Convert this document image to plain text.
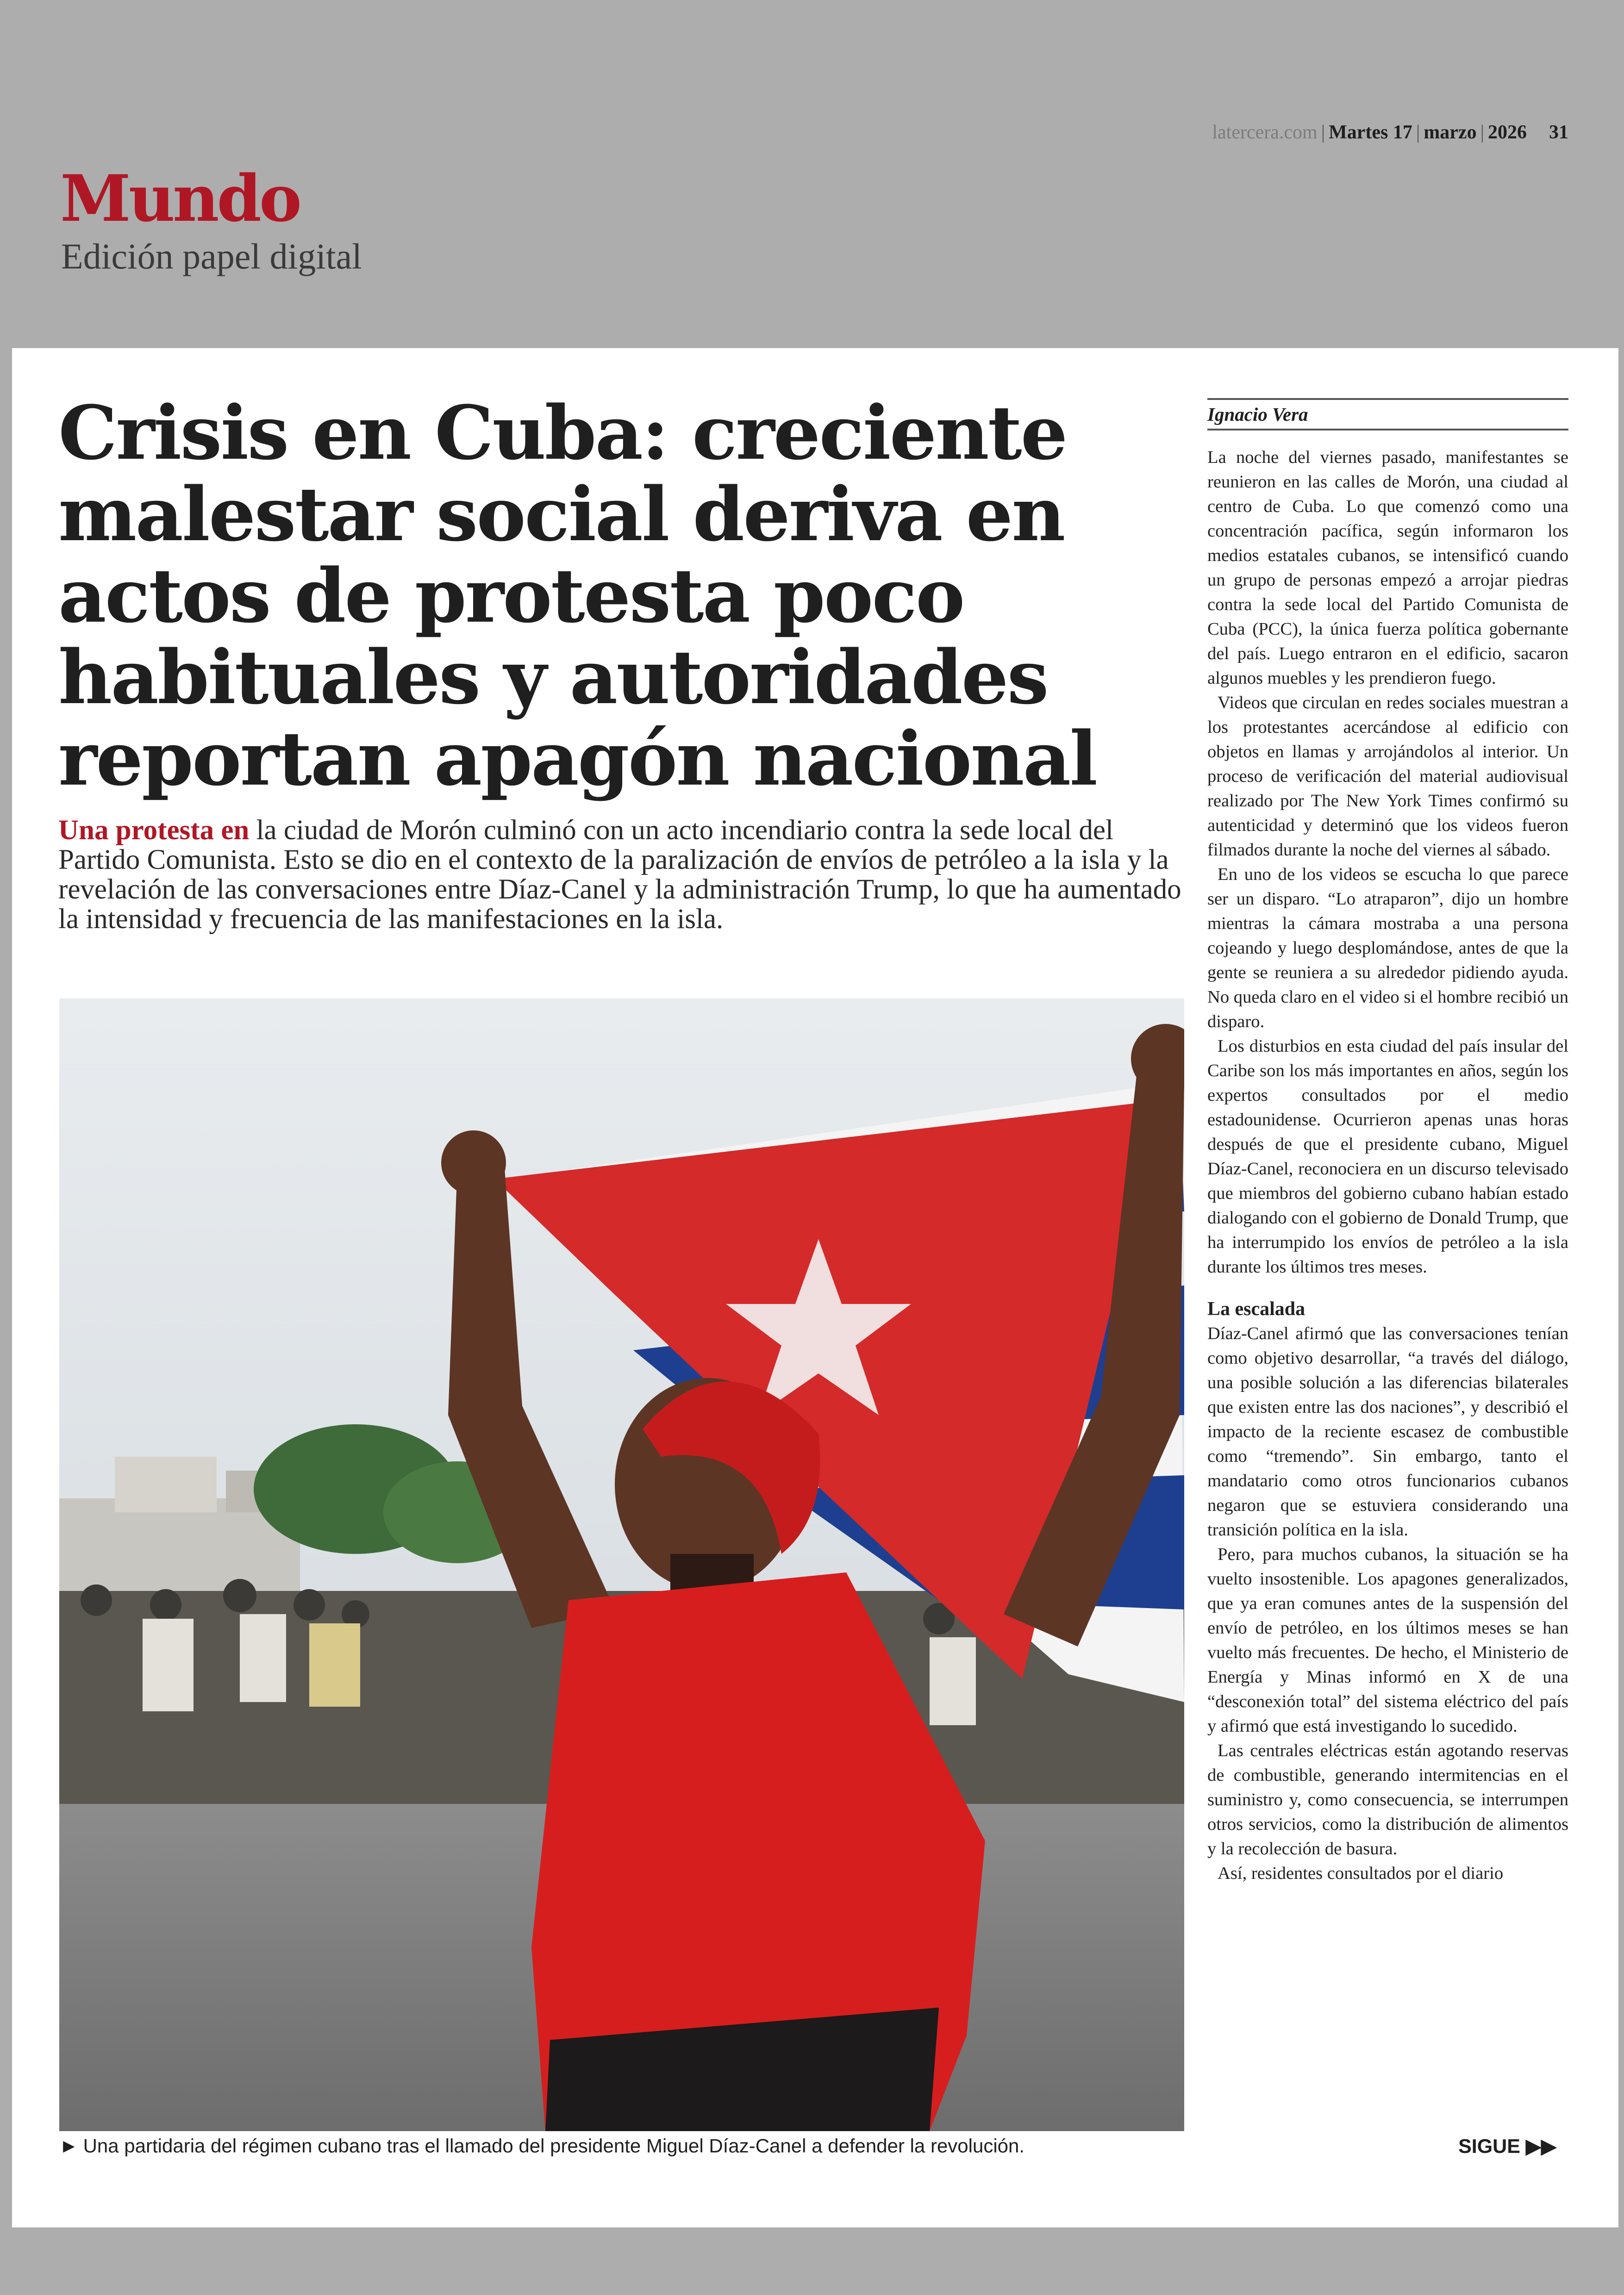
latercera.com | Martes 17 | marzo | 2026 31
Mundo
Edición papel digital
Crisis en Cuba: creciente malestar social deriva en actos de protesta poco habituales y autoridades reportan apagón nacional
Una protesta en la ciudad de Morón culminó con un acto incendiario contra la sede local del Partido Comunista. Esto se dio en el contexto de la paralización de envíos de petróleo a la isla y la revelación de las conversaciones entre Díaz-Canel y la administración Trump, lo que ha aumentado la intensidad y frecuencia de las manifestaciones en la isla.
► Una partidaria del régimen cubano tras el llamado del presidente Miguel Díaz-Canel a defender la revolución.
Ignacio Vera

La noche del viernes pasado, manifestantes se reunieron en las calles de Morón, una ciudad al centro de Cuba. Lo que comenzó como una concentración pacífica, según informaron los medios estatales cubanos, se intensificó cuando un grupo de personas empezó a arrojar piedras contra la sede local del Partido Comunista de Cuba (PCC), la única fuerza política gobernante del país. Luego entraron en el edificio, sacaron algunos muebles y les prendieron fuego.

Videos que circulan en redes sociales muestran a los protestantes acercándose al edificio con objetos en llamas y arrojándolos al interior. Un proceso de verificación del material audiovisual realizado por The New York Times confirmó su autenticidad y determinó que los videos fueron filmados durante la noche del viernes al sábado.

En uno de los videos se escucha lo que parece ser un disparo. “Lo atraparon”, dijo un hombre mientras la cámara mostraba a una persona cojeando y luego desplomándose, antes de que la gente se reuniera a su alrededor pidiendo ayuda. No queda claro en el video si el hombre recibió un disparo.

Los disturbios en esta ciudad del país insular del Caribe son los más importantes en años, según los expertos consultados por el medio estadounidense. Ocurrieron apenas unas horas después de que el presidente cubano, Miguel Díaz-Canel, reconociera en un discurso televisado que miembros del gobierno cubano habían estado dialogando con el gobierno de Donald Trump, que ha interrumpido los envíos de petróleo a la isla durante los últimos tres meses.

La escalada

Díaz-Canel afirmó que las conversaciones tenían como objetivo desarrollar, “a través del diálogo, una posible solución a las diferencias bilaterales que existen entre las dos naciones”, y describió el impacto de la reciente escasez de combustible como “tremendo”. Sin embargo, tanto el mandatario como otros funcionarios cubanos negaron que se estuviera considerando una transición política en la isla.

Pero, para muchos cubanos, la situación se ha vuelto insostenible. Los apagones generalizados, que ya eran comunes antes de la suspensión del envío de petróleo, en los últimos meses se han vuelto más frecuentes. De hecho, el Ministerio de Energía y Minas informó en X de una “desconexión total” del sistema eléctrico del país y afirmó que está investigando lo sucedido.

Las centrales eléctricas están agotando reservas de combustible, generando intermitencias en el suministro y, como consecuencia, se interrumpen otros servicios, como la distribución de alimentos y la recolección de basura.

Así, residentes consultados por el diario

SIGUE ▶▶
